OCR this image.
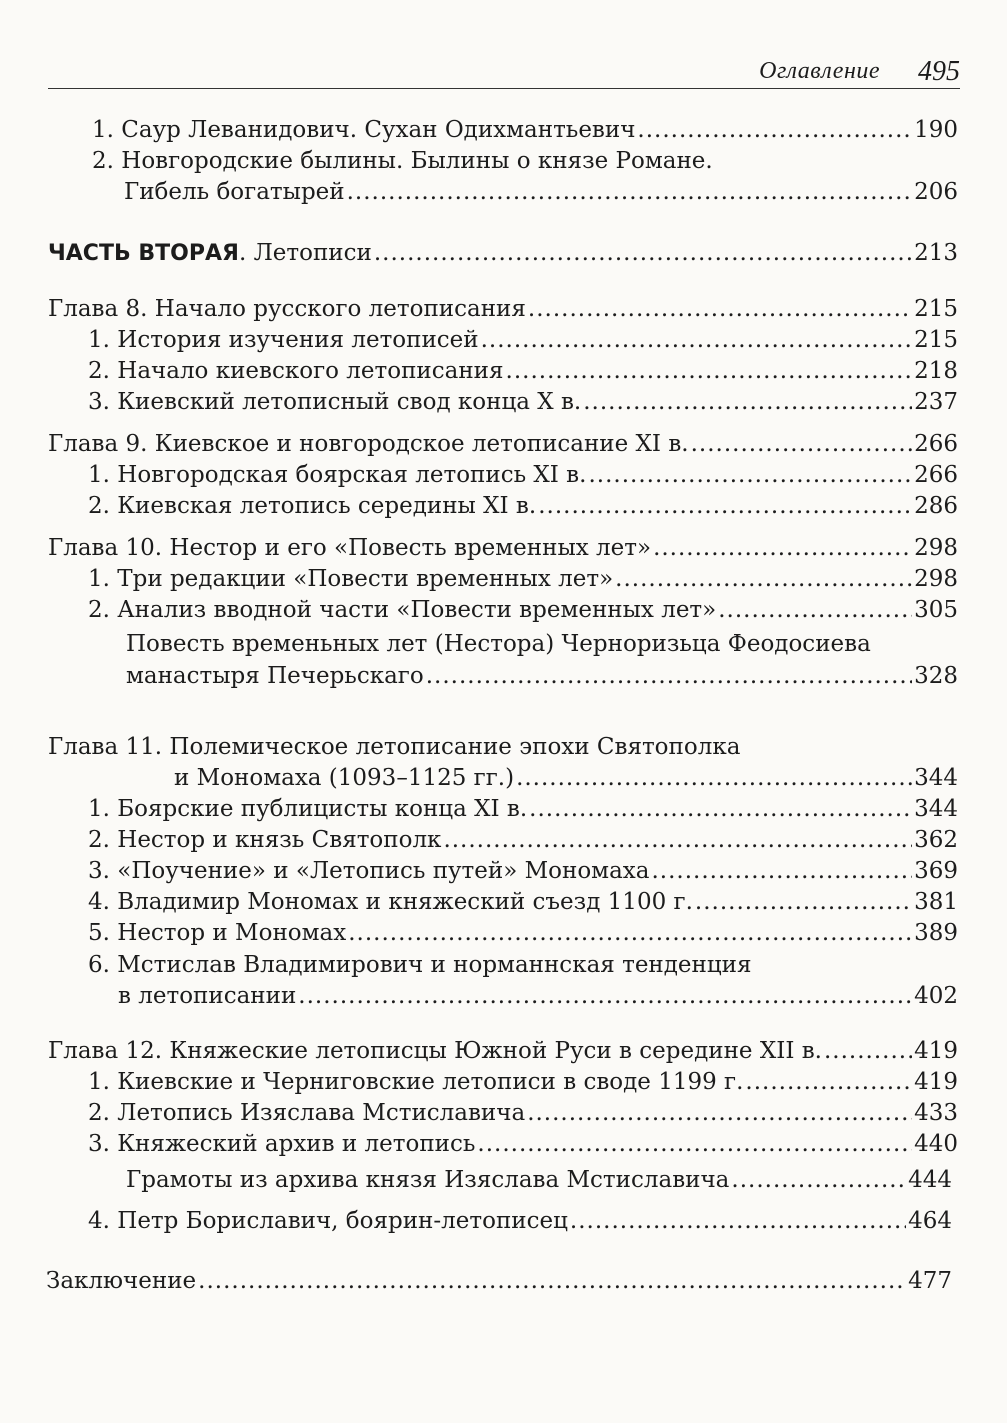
Оглавление 495
1. Саур Леванидович. Сухан Одихмантьевич .....	190
2. Новгородские былины. Былины о князе Романе.
Гибель богатырей .....	206
ЧАСТЬ ВТОРАЯ. Летописи .....	213
Глава 8. Начало русского летописания .....	215
1. История изучения летописей .....	215
2. Начало киевского летописания .....	218
3. Киевский летописный свод конца X в. .....	237
Глава 9. Киевское и новгородское летописание XI в. .....	266
1. Новгородская боярская летопись XI в. .....	266
2. Киевская летопись середины XI в. .....	286
Глава 10. Нестор и его «Повесть временных лет» .....	298
1. Три редакции «Повести временных лет» .....	298
2. Анализ вводной части «Повести временных лет» .....	305
Повесть временьных лет (Нестора) Черноризьца Феодосиева
манастыря Печерьскаго .....	328
Глава 11. Полемическое летописание эпохи Святополка
и Мономаха (1093–1125 гг.) .....	344
1. Боярские публицисты конца XI в. .....	344
2. Нестор и князь Святополк .....	362
3. «Поучение» и «Летопись путей» Мономаха .....	369
4. Владимир Мономах и княжеский съезд 1100 г. .....	381
5. Нестор и Мономах .....	389
6. Мстислав Владимирович и норманнская тенденция
в летописании .....	402
Глава 12. Княжеские летописцы Южной Руси в середине XII в. .....	419
1. Киевские и Черниговские летописи в своде 1199 г. .....	419
2. Летопись Изяслава Мстиславича .....	433
3. Княжеский архив и летопись .....	440
Грамоты из архива князя Изяслава Мстиславича .....	444
4. Петр Бориславич, боярин-летописец .....	464
Заключение .....	477
